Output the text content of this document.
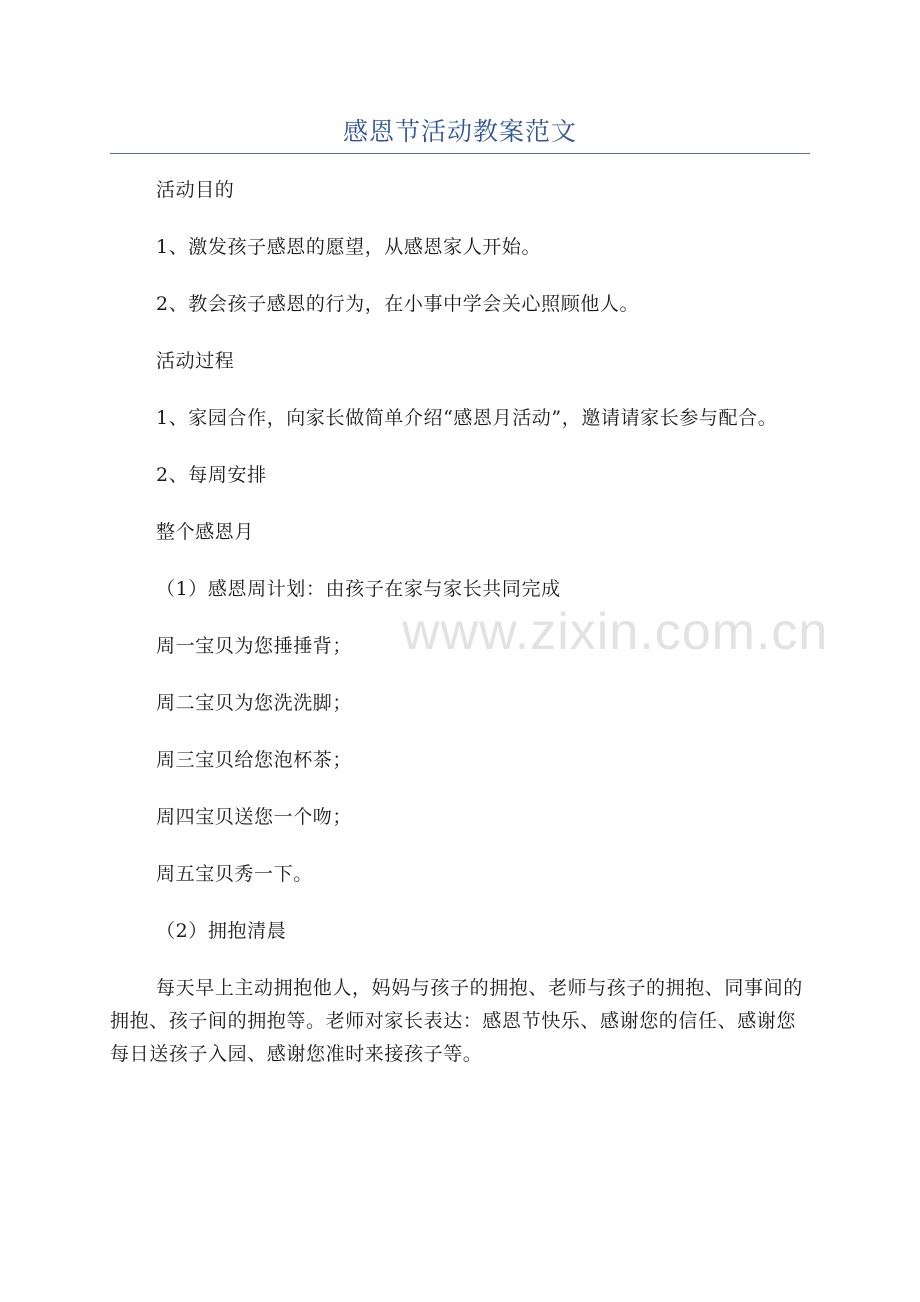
感恩节活动教案范文

活动目的

1、激发孩子感恩的愿望，从感恩家人开始。

2、教会孩子感恩的行为，在小事中学会关心照顾他人。

活动过程

1、家园合作，向家长做简单介绍“感恩月活动”，邀请请家长参与配合。

2、每周安排

整个感恩月

（1）感恩周计划：由孩子在家与家长共同完成

周一宝贝为您捶捶背；

周二宝贝为您洗洗脚；

周三宝贝给您泡杯茶；

周四宝贝送您一个吻；

周五宝贝秀一下。

（2）拥抱清晨

每天早上主动拥抱他人，妈妈与孩子的拥抱、老师与孩子的拥抱、同事间的拥抱、孩子间的拥抱等。老师对家长表达：感恩节快乐、感谢您的信任、感谢您每日送孩子入园、感谢您准时来接孩子等。

www.zixin.com.cn
